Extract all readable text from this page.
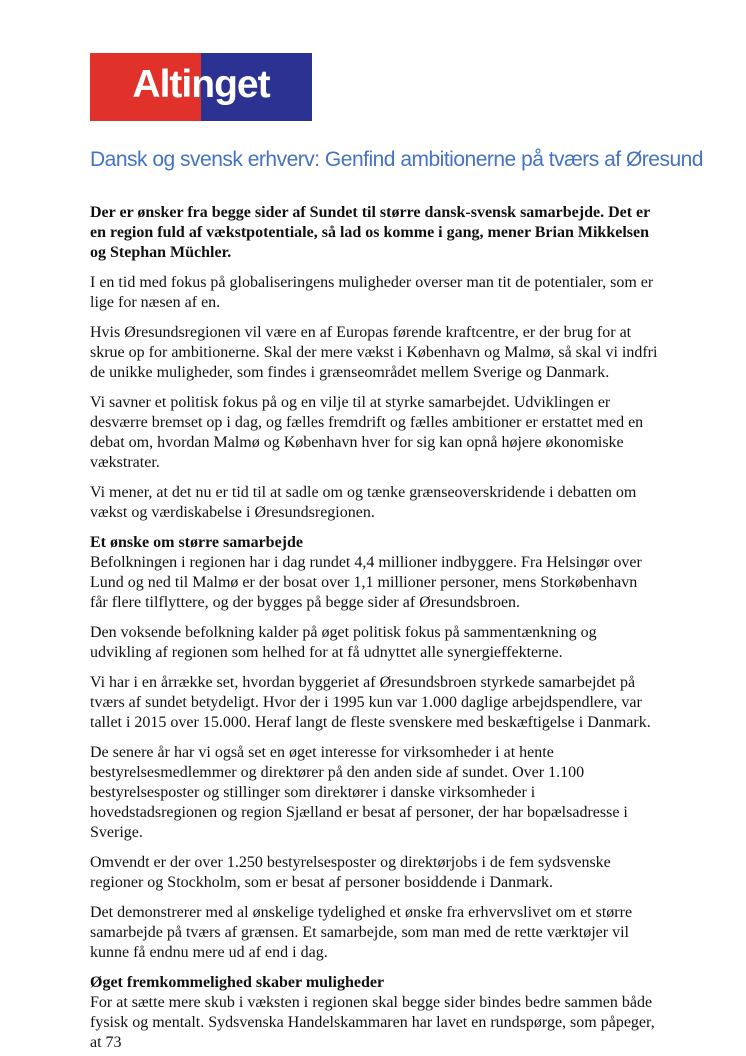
Altinget
Dansk og svensk erhverv: Genfind ambitionerne på tværs af Øresund

Der er ønsker fra begge sider af Sundet til større dansk-svensk samarbejde. Det er en region fuld af vækstpotentiale, så lad os komme i gang, mener Brian Mikkelsen og Stephan Müchler.

I en tid med fokus på globaliseringens muligheder overser man tit de potentialer, som er lige for næsen af en.

Hvis Øresundsregionen vil være en af Europas førende kraftcentre, er der brug for at skrue op for ambitionerne. Skal der mere vækst i København og Malmø, så skal vi indfri de unikke muligheder, som findes i grænseområdet mellem Sverige og Danmark.

Vi savner et politisk fokus på og en vilje til at styrke samarbejdet. Udviklingen er desværre bremset op i dag, og fælles fremdrift og fælles ambitioner er erstattet med en debat om, hvordan Malmø og København hver for sig kan opnå højere økonomiske vækstrater.

Vi mener, at det nu er tid til at sadle om og tænke grænseoverskridende i debatten om vækst og værdiskabelse i Øresundsregionen.

Et ønske om større samarbejde

Befolkningen i regionen har i dag rundet 4,4 millioner indbyggere. Fra Helsingør over Lund og ned til Malmø er der bosat over 1,1 millioner personer, mens Storkøbenhavn får flere tilflyttere, og der bygges på begge sider af Øresundsbroen.

Den voksende befolkning kalder på øget politisk fokus på sammentænkning og udvikling af regionen som helhed for at få udnyttet alle synergieffekterne.

Vi har i en årrække set, hvordan byggeriet af Øresundsbroen styrkede samarbejdet på tværs af sundet betydeligt. Hvor der i 1995 kun var 1.000 daglige arbejdspendlere, var tallet i 2015 over 15.000. Heraf langt de fleste svenskere med beskæftigelse i Danmark.

De senere år har vi også set en øget interesse for virksomheder i at hente bestyrelsesmedlemmer og direktører på den anden side af sundet. Over 1.100 bestyrelsesposter og stillinger som direktører i danske virksomheder i hovedstadsregionen og region Sjælland er besat af personer, der har bopælsadresse i Sverige.

Omvendt er der over 1.250 bestyrelsesposter og direktørjobs i de fem sydsvenske regioner og Stockholm, som er besat af personer bosiddende i Danmark.

Det demonstrerer med al ønskelige tydelighed et ønske fra erhvervslivet om et større samarbejde på tværs af grænsen. Et samarbejde, som man med de rette værktøjer vil kunne få endnu mere ud af end i dag.

Øget fremkommelighed skaber muligheder

For at sætte mere skub i væksten i regionen skal begge sider bindes bedre sammen både fysisk og mentalt. Sydsvenska Handelskammaren har lavet en rundspørge, som påpeger, at 73
